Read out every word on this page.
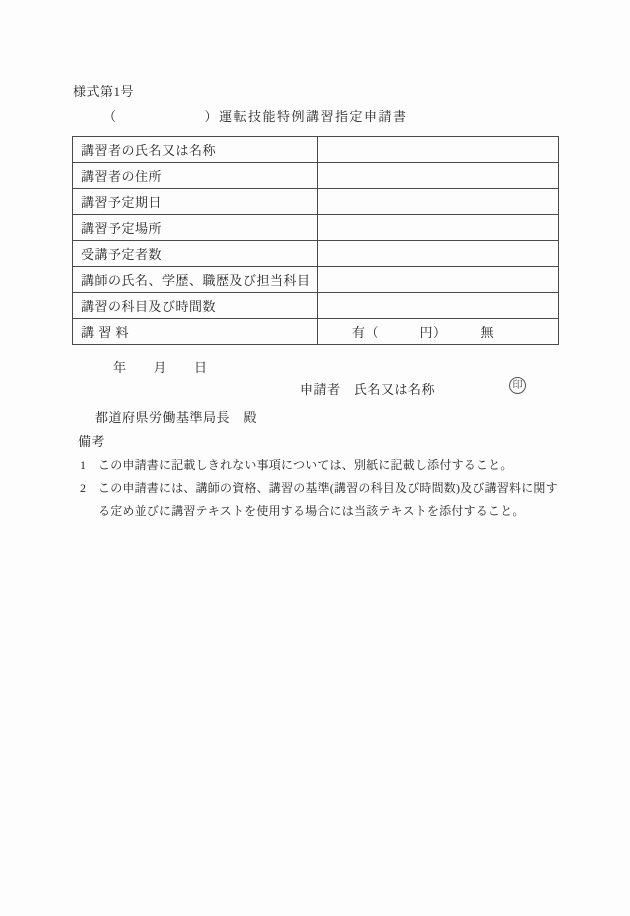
様式第1号
（　　　　　　）運転技能特例講習指定申請書
講習者の氏名又は名称	
講習者の住所	
講習予定期日	
講習予定場所	
受講予定者数	
講師の氏名、学歴、職歴及び担当科目	
講習の科目及び時間数	
講 習 料	有（　　　円）　　　無
年　　月　　日
申請者　氏名又は名称	印
都道府県労働基準局長　殿
備考
1	この申請書に記載しきれない事項については、別紙に記載し添付すること。
2	この申請書には、講師の資格、講習の基準(講習の科目及び時間数)及び講習料に関する定め並びに講習テキストを使用する場合には当該テキストを添付すること。
